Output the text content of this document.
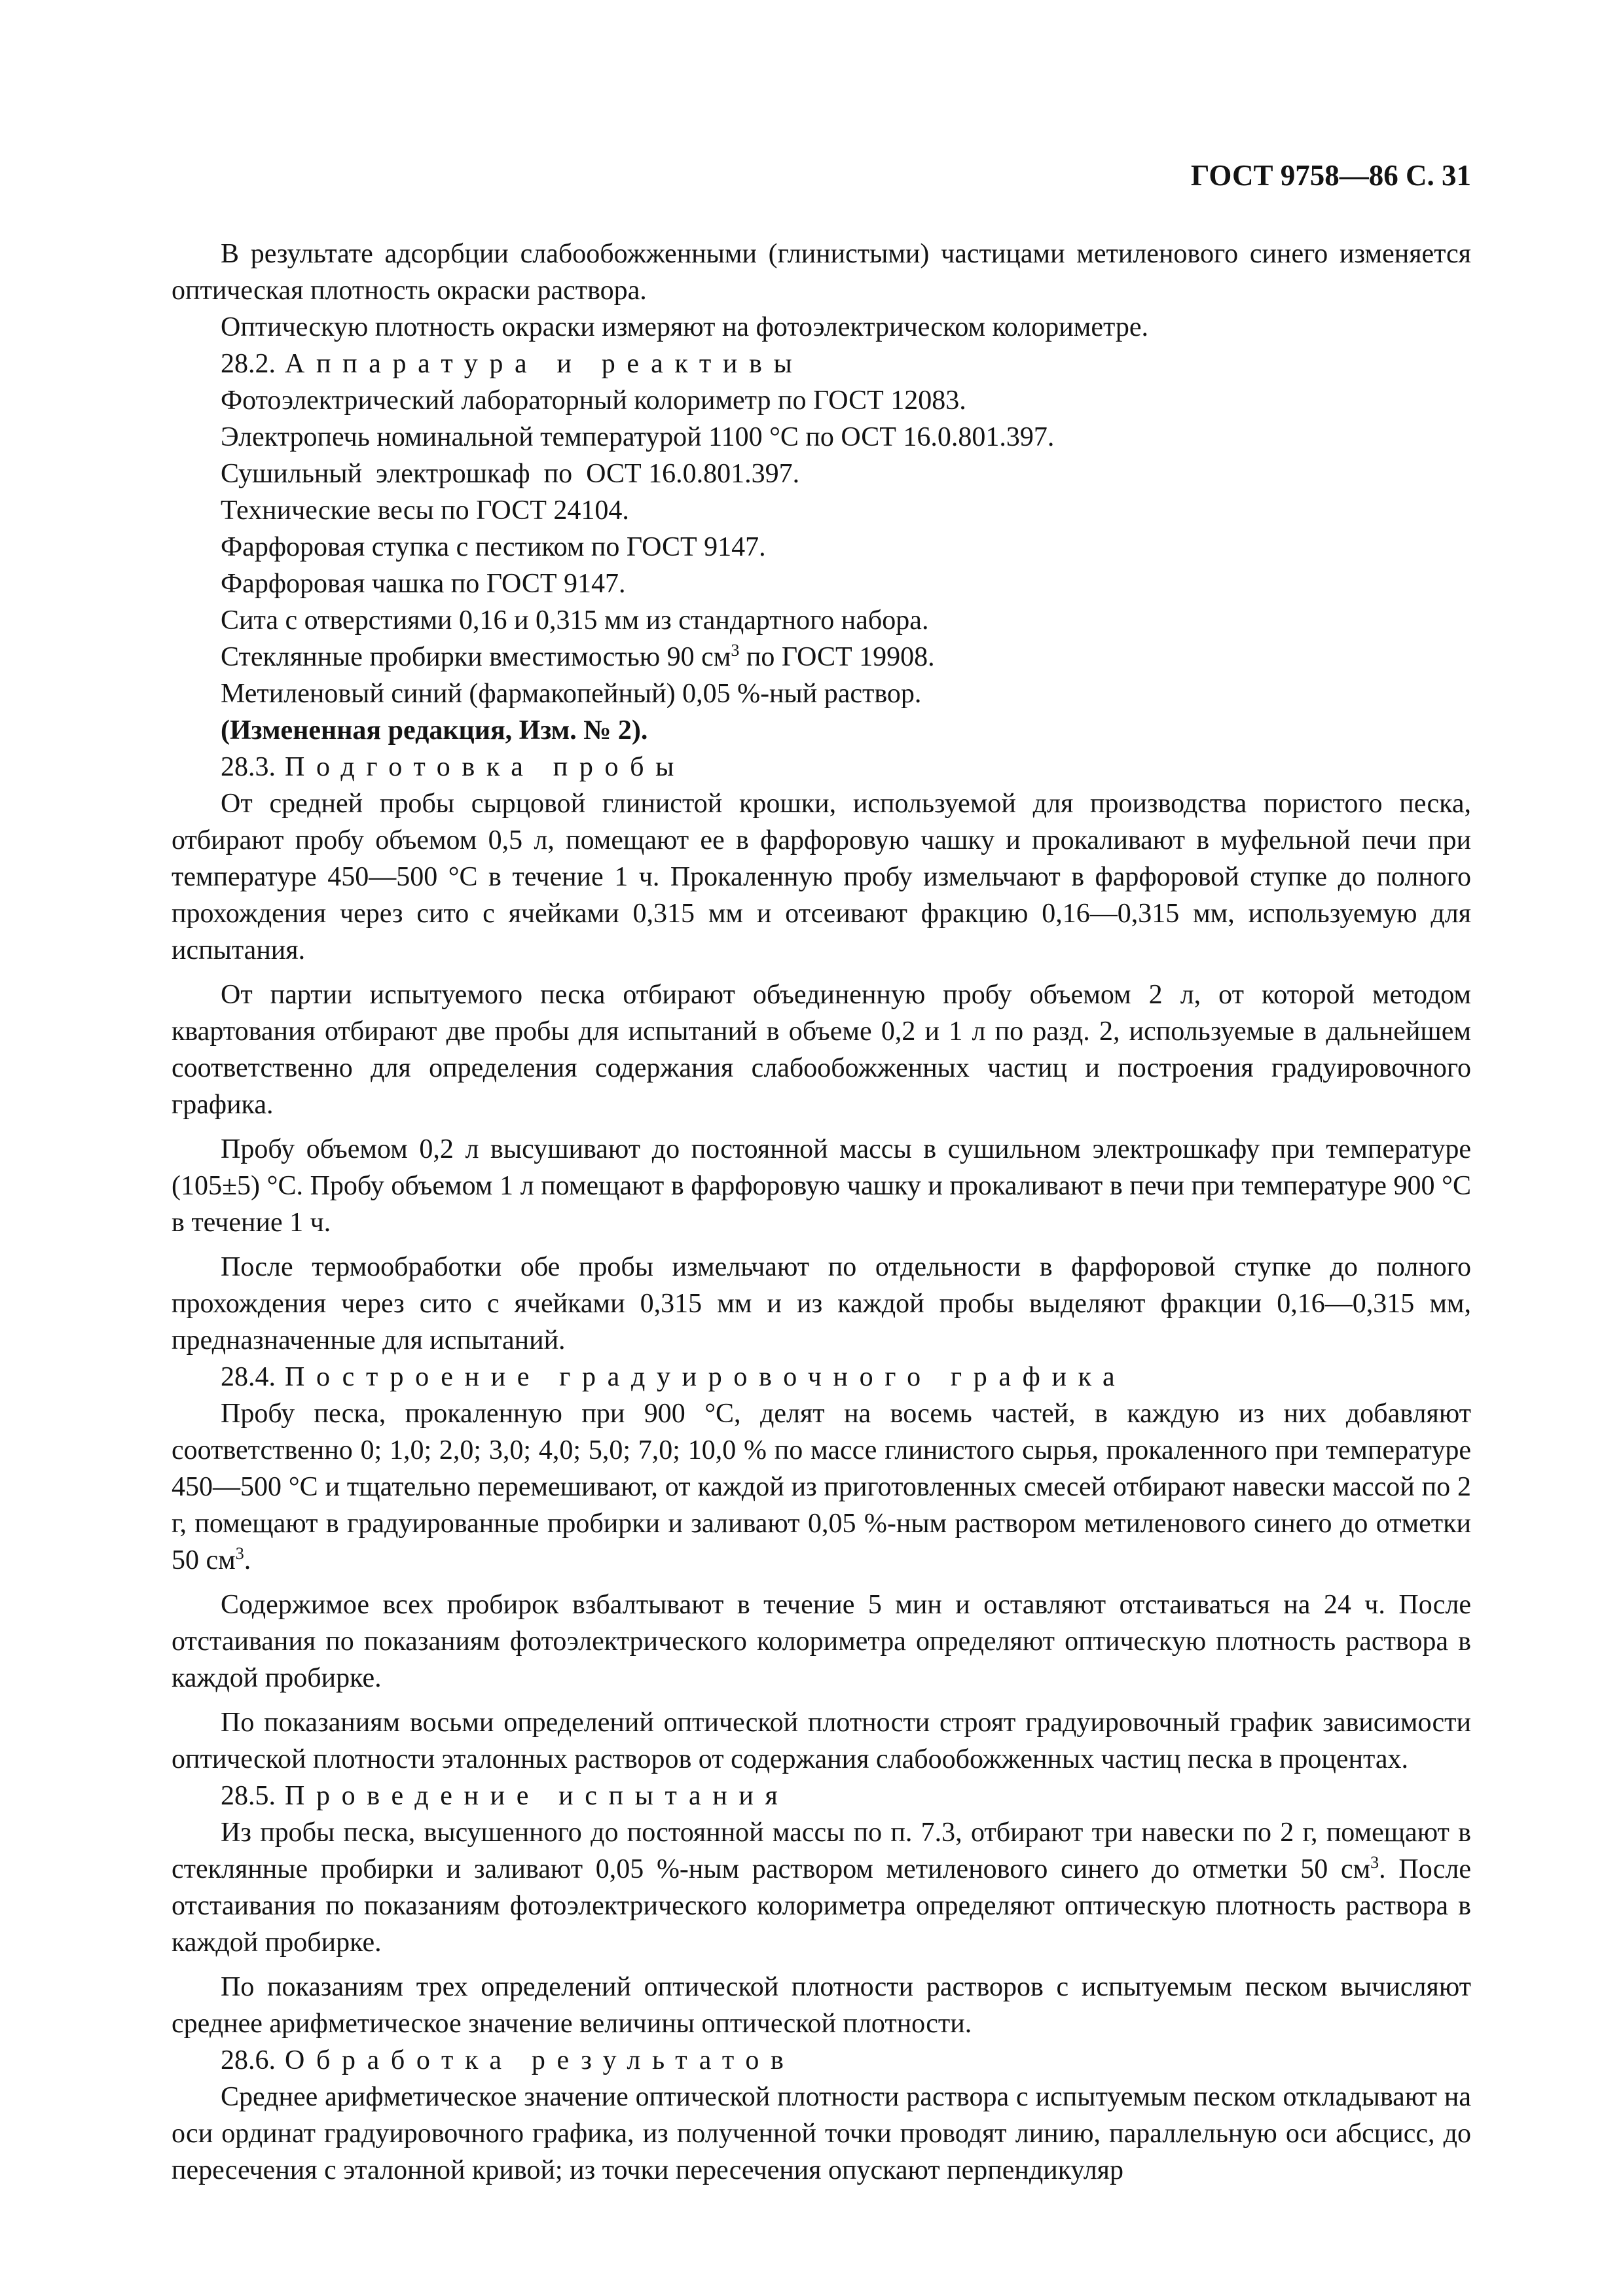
ГОСТ 9758—86 С. 31

В результате адсорбции слабообожженными (глинистыми) частицами метиленового синего изменяется оптическая плотность окраски раствора.

Оптическую плотность окраски измеряют на фотоэлектрическом колориметре.

28.2. Аппаратура и реактивы

Фотоэлектрический лабораторный колориметр по ГОСТ 12083.

Электропечь номинальной температурой 1100 °С по ОСТ 16.0.801.397.

Сушильный  электрошкаф  по  ОСТ 16.0.801.397.

Технические весы по ГОСТ 24104.

Фарфоровая ступка с пестиком по ГОСТ 9147.

Фарфоровая чашка по ГОСТ 9147.

Сита с отверстиями 0,16 и 0,315 мм из стандартного набора.

Стеклянные пробирки вместимостью 90 $см^3$ по ГОСТ 19908.

Метиленовый синий (фармакопейный) 0,05 %-ный раствор.

(Измененная редакция, Изм. № 2).

28.3. Подготовка пробы

От средней пробы сырцовой глинистой крошки, используемой для производства пористого песка, отбирают пробу объемом 0,5 л, помещают ее в фарфоровую чашку и прокаливают в муфельной печи при температуре 450—500 °С в течение 1 ч. Прокаленную пробу измельчают в фарфоровой ступке до полного прохождения через сито с ячейками 0,315 мм и отсеивают фракцию 0,16—0,315 мм, используемую для испытания.

От партии испытуемого песка отбирают объединенную пробу объемом 2 л, от которой методом квартования отбирают две пробы для испытаний в объеме 0,2 и 1 л по разд. 2, используемые в дальнейшем соответственно для определения содержания слабообожженных частиц и построения градуировочного графика.

Пробу объемом 0,2 л высушивают до постоянной массы в сушильном электрошкафу при температуре (105±5) °С. Пробу объемом 1 л помещают в фарфоровую чашку и прокаливают в печи при температуре 900 °С в течение 1 ч.

После термообработки обе пробы измельчают по отдельности в фарфоровой ступке до полного прохождения через сито с ячейками 0,315 мм и из каждой пробы выделяют фракции 0,16—0,315 мм, предназначенные для испытаний.

28.4. Построение градуировочного графика

Пробу песка, прокаленную при 900 °С, делят на восемь частей, в каждую из них добавляют соответственно 0; 1,0; 2,0; 3,0; 4,0; 5,0; 7,0; 10,0 % по массе глинистого сырья, прокаленного при температуре 450—500 °С и тщательно перемешивают, от каждой из приготовленных смесей отбирают навески массой по 2 г, помещают в градуированные пробирки и заливают 0,05 %-ным раствором метиленового синего до отметки 50 $см^3$.

Содержимое всех пробирок взбалтывают в течение 5 мин и оставляют отстаиваться на 24 ч. После отстаивания по показаниям фотоэлектрического колориметра определяют оптическую плотность раствора в каждой пробирке.

По показаниям восьми определений оптической плотности строят градуировочный график зависимости оптической плотности эталонных растворов от содержания слабообожженных частиц песка в процентах.

28.5. Проведение испытания

Из пробы песка, высушенного до постоянной массы по п. 7.3, отбирают три навески по 2 г, помещают в стеклянные пробирки и заливают 0,05 %-ным раствором метиленового синего до отметки 50 $см^3$. После отстаивания по показаниям фотоэлектрического колориметра определяют оптическую плотность раствора в каждой пробирке.

По показаниям трех определений оптической плотности растворов с испытуемым песком вычисляют среднее арифметическое значение величины оптической плотности.

28.6. Обработка результатов

Среднее арифметическое значение оптической плотности раствора с испытуемым песком откладывают на оси ординат градуировочного графика, из полученной точки проводят линию, параллельную оси абсцисс, до пересечения с эталонной кривой; из точки пересечения опускают перпендикуляр
